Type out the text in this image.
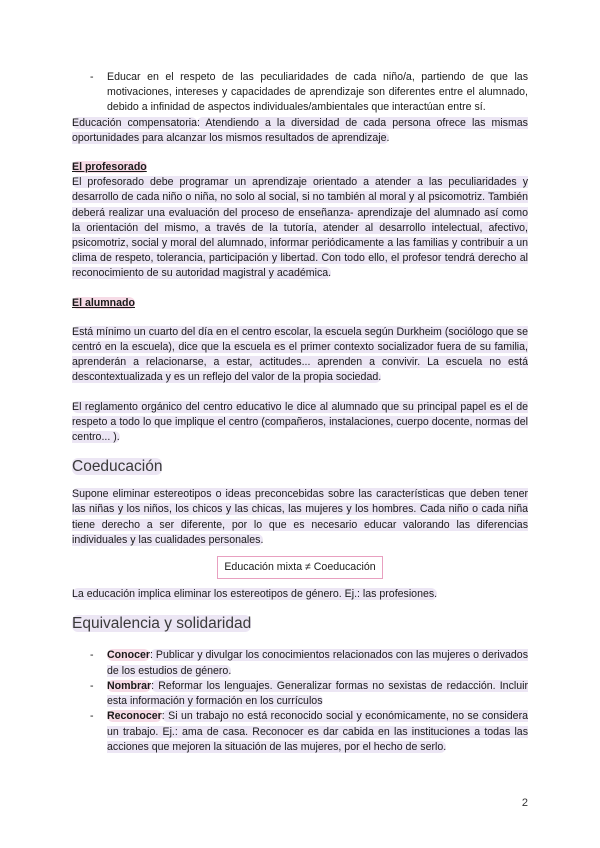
- Educar en el respeto de las peculiaridades de cada niño/a, partiendo de que las motivaciones, intereses y capacidades de aprendizaje son diferentes entre el alumnado, debido a infinidad de aspectos individuales/ambientales que interactúan entre sí.

Educación compensatoria: Atendiendo a la diversidad de cada persona ofrece las mismas oportunidades para alcanzar los mismos resultados de aprendizaje.

El profesorado

El profesorado debe programar un aprendizaje orientado a atender a las peculiaridades y desarrollo de cada niño o niña, no solo al social, si no también al moral y al psicomotriz. También deberá realizar una evaluación del proceso de enseñanza- aprendizaje del alumnado así como la orientación del mismo, a través de la tutoría, atender al desarrollo intelectual, afectivo, psicomotriz, social y moral del alumnado, informar periódicamente a las familias y contribuir a un clima de respeto, tolerancia, participación y libertad. Con todo ello, el profesor tendrá derecho al reconocimiento de su autoridad magistral y académica.

El alumnado

Está mínimo un cuarto del día en el centro escolar, la escuela según Durkheim (sociólogo que se centró en la escuela), dice que la escuela es el primer contexto socializador fuera de su familia, aprenderán a relacionarse, a estar, actitudes... aprenden a convivir. La escuela no está descontextualizada y es un reflejo del valor de la propia sociedad.

El reglamento orgánico del centro educativo le dice al alumnado que su principal papel es el de respeto a todo lo que implique el centro (compañeros, instalaciones, cuerpo docente, normas del centro... ).

Coeducación

Supone eliminar estereotipos o ideas preconcebidas sobre las características que deben tener las niñas y los niños, los chicos y las chicas, las mujeres y los hombres. Cada niño o cada niña tiene derecho a ser diferente, por lo que es necesario educar valorando las diferencias individuales y las cualidades personales.

Educación mixta ≠ Coeducación

La educación implica eliminar los estereotipos de género. Ej.: las profesiones.

Equivalencia y solidaridad
- Conocer: Publicar y divulgar los conocimientos relacionados con las mujeres o derivados de los estudios de género.
- Nombrar: Reformar los lenguajes. Generalizar formas no sexistas de redacción. Incluir esta información y formación en los currículos
- Reconocer: Si un trabajo no está reconocido social y económicamente, no se considera un trabajo. Ej.: ama de casa. Reconocer es dar cabida en las instituciones a todas las acciones que mejoren la situación de las mujeres, por el hecho de serlo.
2
